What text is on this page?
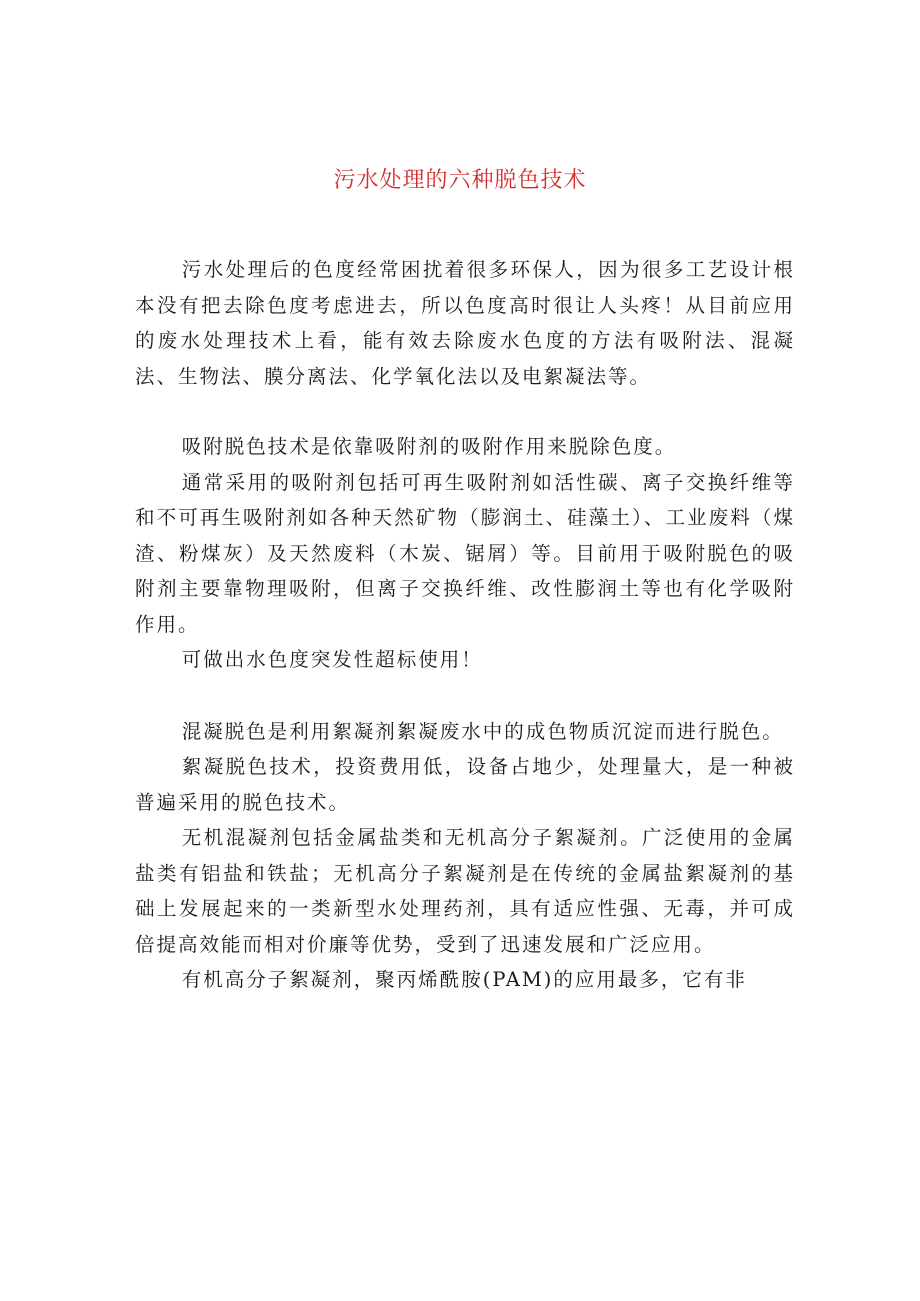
污水处理的六种脱色技术

污水处理后的色度经常困扰着很多环保人，因为很多工艺设计根本没有把去除色度考虑进去，所以色度高时很让人头疼！从目前应用的废水处理技术上看，能有效去除废水色度的方法有吸附法、混凝法、生物法、膜分离法、化学氧化法以及电絮凝法等。

吸附脱色技术是依靠吸附剂的吸附作用来脱除色度。

通常采用的吸附剂包括可再生吸附剂如活性碳、离子交换纤维等和不可再生吸附剂如各种天然矿物（膨润土、硅藻土）、工业废料（煤渣、粉煤灰）及天然废料（木炭、锯屑）等。目前用于吸附脱色的吸附剂主要靠物理吸附，但离子交换纤维、改性膨润土等也有化学吸附作用。

可做出水色度突发性超标使用！

混凝脱色是利用絮凝剂絮凝废水中的成色物质沉淀而进行脱色。

絮凝脱色技术，投资费用低，设备占地少，处理量大，是一种被普遍采用的脱色技术。

无机混凝剂包括金属盐类和无机高分子絮凝剂。广泛使用的金属盐类有铝盐和铁盐；无机高分子絮凝剂是在传统的金属盐絮凝剂的基础上发展起来的一类新型水处理药剂，具有适应性强、无毒，并可成倍提高效能而相对价廉等优势，受到了迅速发展和广泛应用。

有机高分子絮凝剂，聚丙烯酰胺(PAM)的应用最多，它有非
